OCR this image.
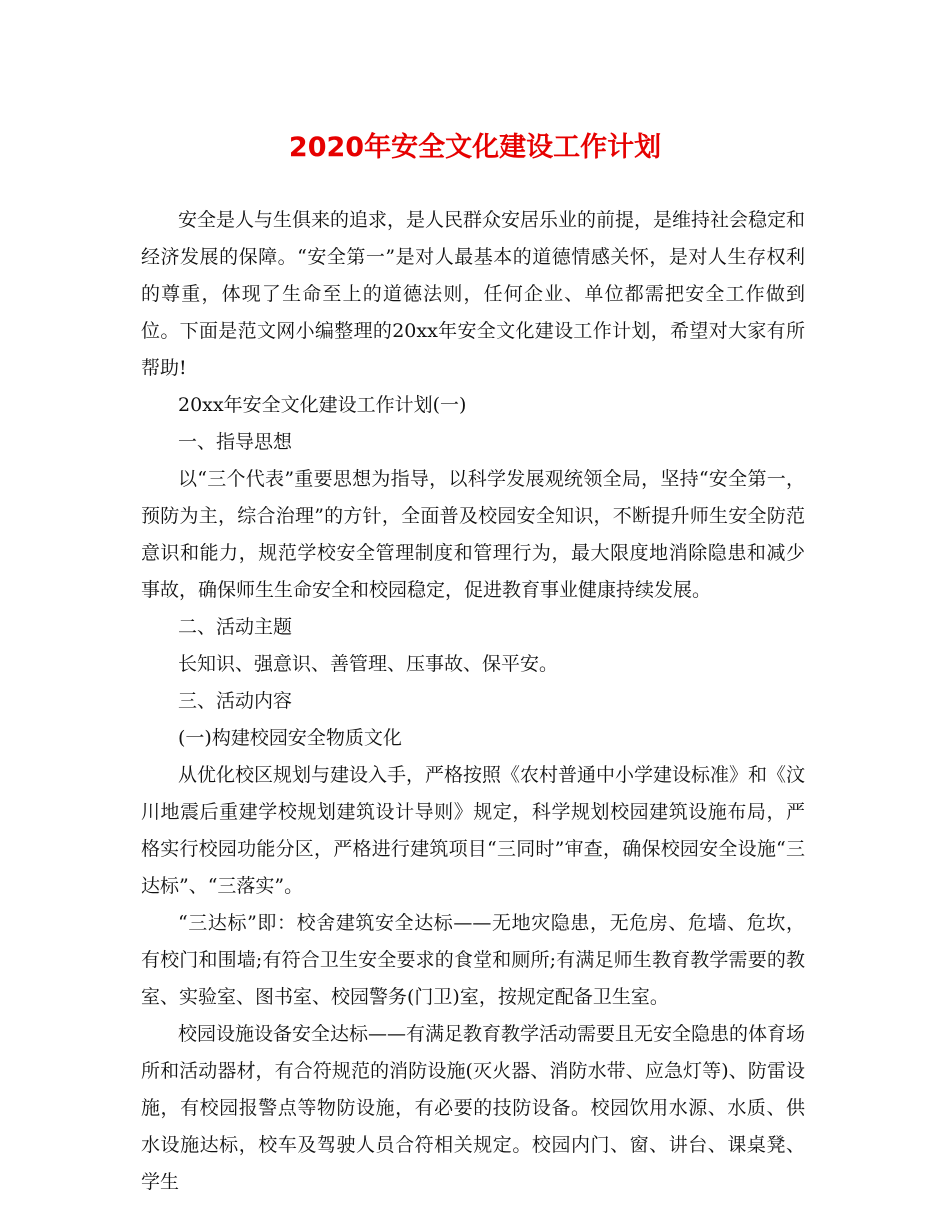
2020年安全文化建设工作计划

安全是人与生俱来的追求，是人民群众安居乐业的前提，是维持社会稳定和经济发展的保障。“安全第一”是对人最基本的道德情感关怀，是对人生存权利的尊重，体现了生命至上的道德法则，任何企业、单位都需把安全工作做到位。下面是范文网小编整理的20xx年安全文化建设工作计划，希望对大家有所帮助!

20xx年安全文化建设工作计划(一)

一、指导思想

以“三个代表”重要思想为指导，以科学发展观统领全局，坚持“安全第一，预防为主，综合治理”的方针，全面普及校园安全知识，不断提升师生安全防范意识和能力，规范学校安全管理制度和管理行为，最大限度地消除隐患和减少事故，确保师生生命安全和校园稳定，促进教育事业健康持续发展。

二、活动主题

长知识、强意识、善管理、压事故、保平安。

三、活动内容

(一)构建校园安全物质文化

从优化校区规划与建设入手，严格按照《农村普通中小学建设标准》和《汶川地震后重建学校规划建筑设计导则》规定，科学规划校园建筑设施布局，严格实行校园功能分区，严格进行建筑项目“三同时”审查，确保校园安全设施“三达标”、“三落实”。

“三达标”即：校舍建筑安全达标——无地灾隐患，无危房、危墙、危坎，有校门和围墙;有符合卫生安全要求的食堂和厕所;有满足师生教育教学需要的教室、实验室、图书室、校园警务(门卫)室，按规定配备卫生室。

校园设施设备安全达标——有满足教育教学活动需要且无安全隐患的体育场所和活动器材，有合符规范的消防设施(灭火器、消防水带、应急灯等)、防雷设施，有校园报警点等物防设施，有必要的技防设备。校园饮用水源、水质、供水设施达标，校车及驾驶人员合符相关规定。校园内门、窗、讲台、课桌凳、学生
